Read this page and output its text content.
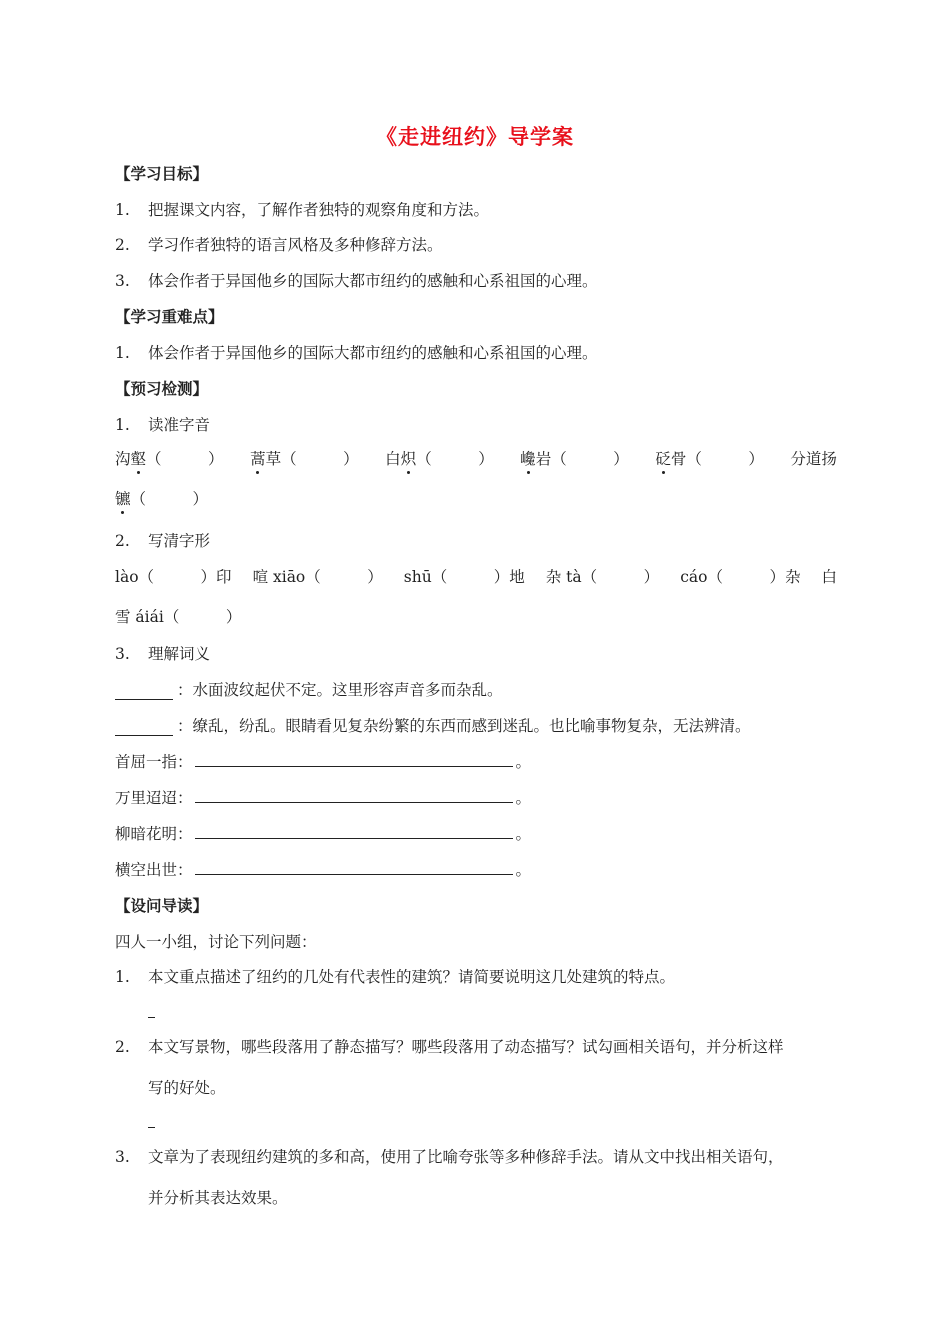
《走进纽约》导学案
【学习目标】
1. 把握课文内容，了解作者独特的观察角度和方法。
2. 学习作者独特的语言风格及多种修辞方法。
3. 体会作者于异国他乡的国际大都市纽约的感触和心系祖国的心理。
【学习重难点】
1. 体会作者于异国他乡的国际大都市纽约的感触和心系祖国的心理。
【预习检测】
1. 读准字音
沟壑（　　　） 蒿草（　　　） 白炽（　　　） 巉岩（　　　） 砭骨（　　　） 分道扬
镳（　　　）
2. 写清字形
lào（　　　）印 喧 xiāo（　　　） shū（　　　）地 杂 tà（　　　） cáo（　　　）杂 白
雪 áiái（　　　）
3. 理解词义
：水面波纹起伏不定。这里形容声音多而杂乱。
：缭乱，纷乱。眼睛看见复杂纷繁的东西而感到迷乱。也比喻事物复杂，无法辨清。
首屈一指：	。
万里迢迢：	。
柳暗花明：	。
横空出世：	。
【设问导读】
四人一小组，讨论下列问题：
1. 本文重点描述了纽约的几处有代表性的建筑？请简要说明这几处建筑的特点。
2. 本文写景物，哪些段落用了静态描写？哪些段落用了动态描写？试勾画相关语句，并分析这样
写的好处。
3. 文章为了表现纽约建筑的多和高，使用了比喻夸张等多种修辞手法。请从文中找出相关语句，
并分析其表达效果。
